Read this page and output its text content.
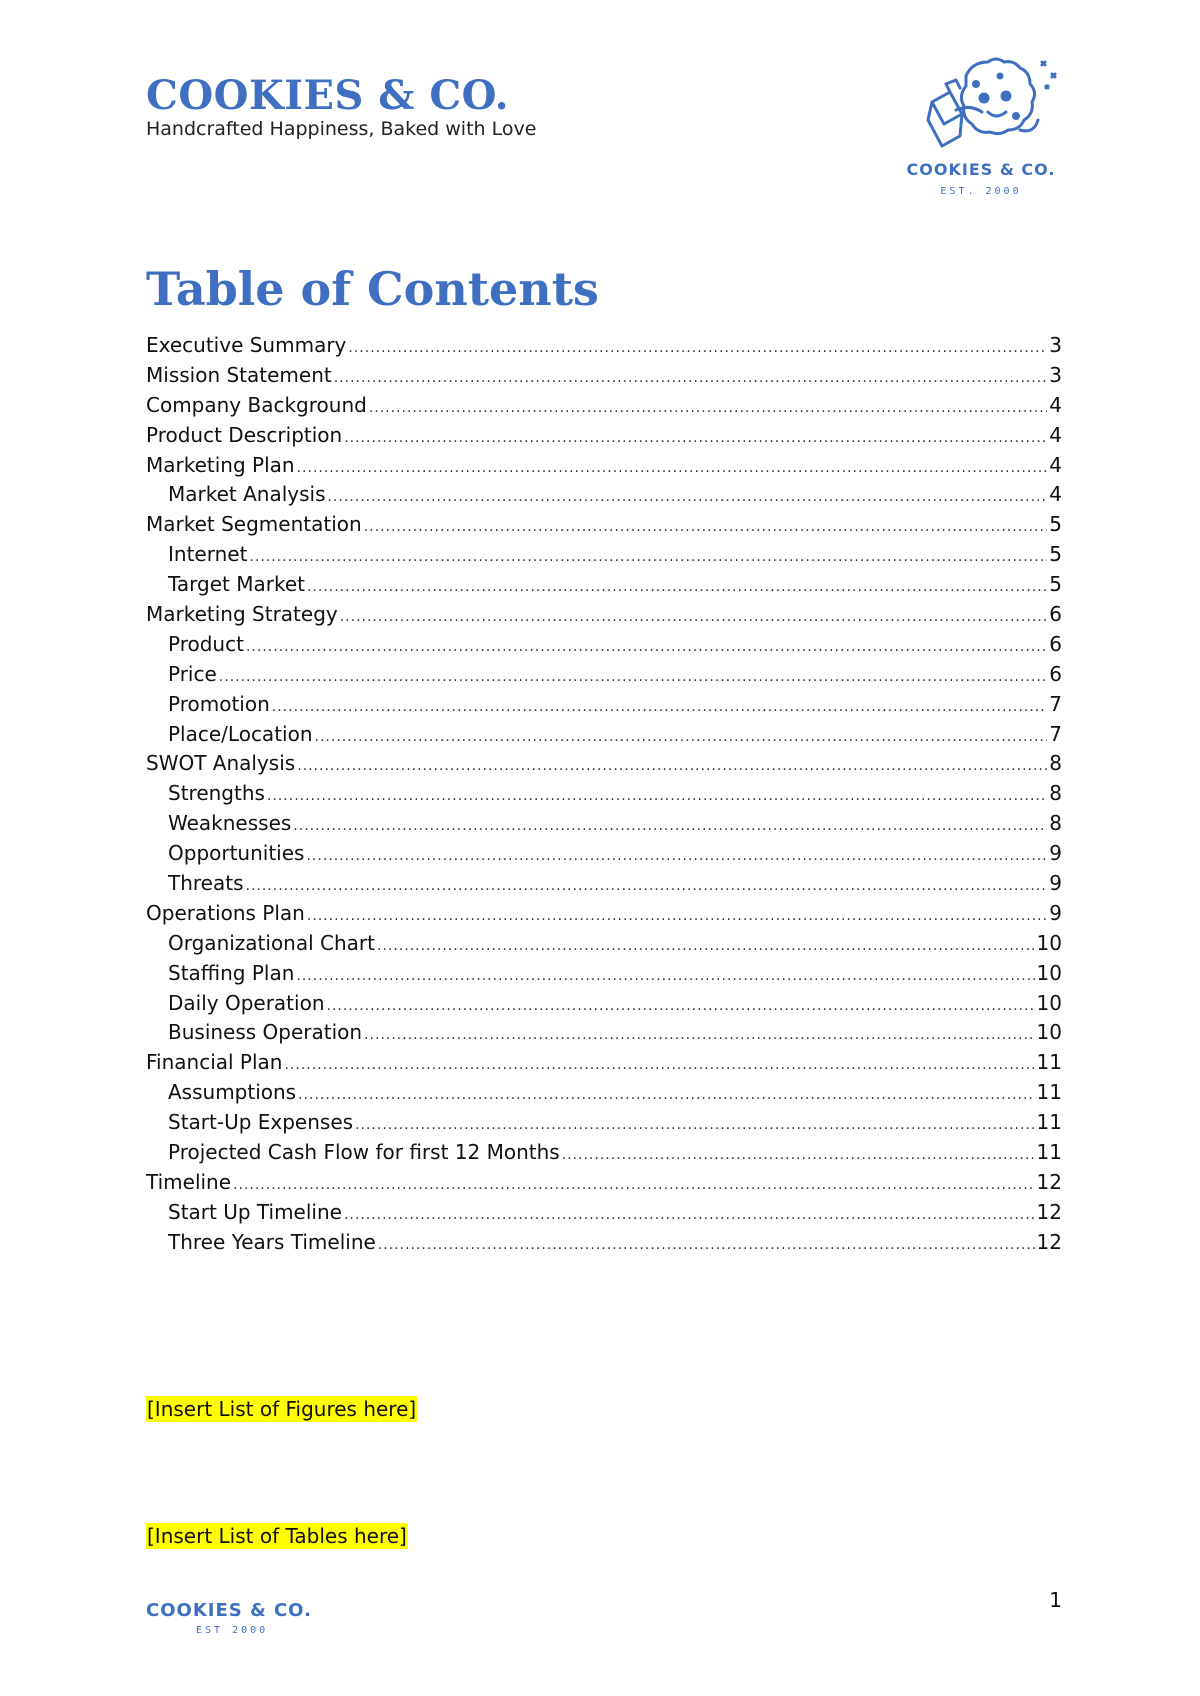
COOKIES & CO.
Handcrafted Happiness, Baked with Love
COOKIES & CO.
EST. 2000
Table of Contents
Executive Summary .....	3
Mission Statement .....	3
Company Background .....	4
Product Description .....	4
Marketing Plan .....	4
Market Analysis .....	4
Market Segmentation .....	5
Internet .....	5
Target Market .....	5
Marketing Strategy .....	6
Product .....	6
Price .....	6
Promotion .....	7
Place/Location .....	7
SWOT Analysis .....	8
Strengths .....	8
Weaknesses .....	8
Opportunities .....	9
Threats .....	9
Operations Plan .....	9
Organizational Chart .....	10
Staffing Plan .....	10
Daily Operation .....	10
Business Operation .....	10
Financial Plan .....	11
Assumptions .....	11
Start-Up Expenses .....	11
Projected Cash Flow for first 12 Months .....	11
Timeline .....	12
Start Up Timeline .....	12
Three Years Timeline .....	12
[Insert List of Figures here]
[Insert List of Tables here]
COOKIES & CO.
EST 2000
1
